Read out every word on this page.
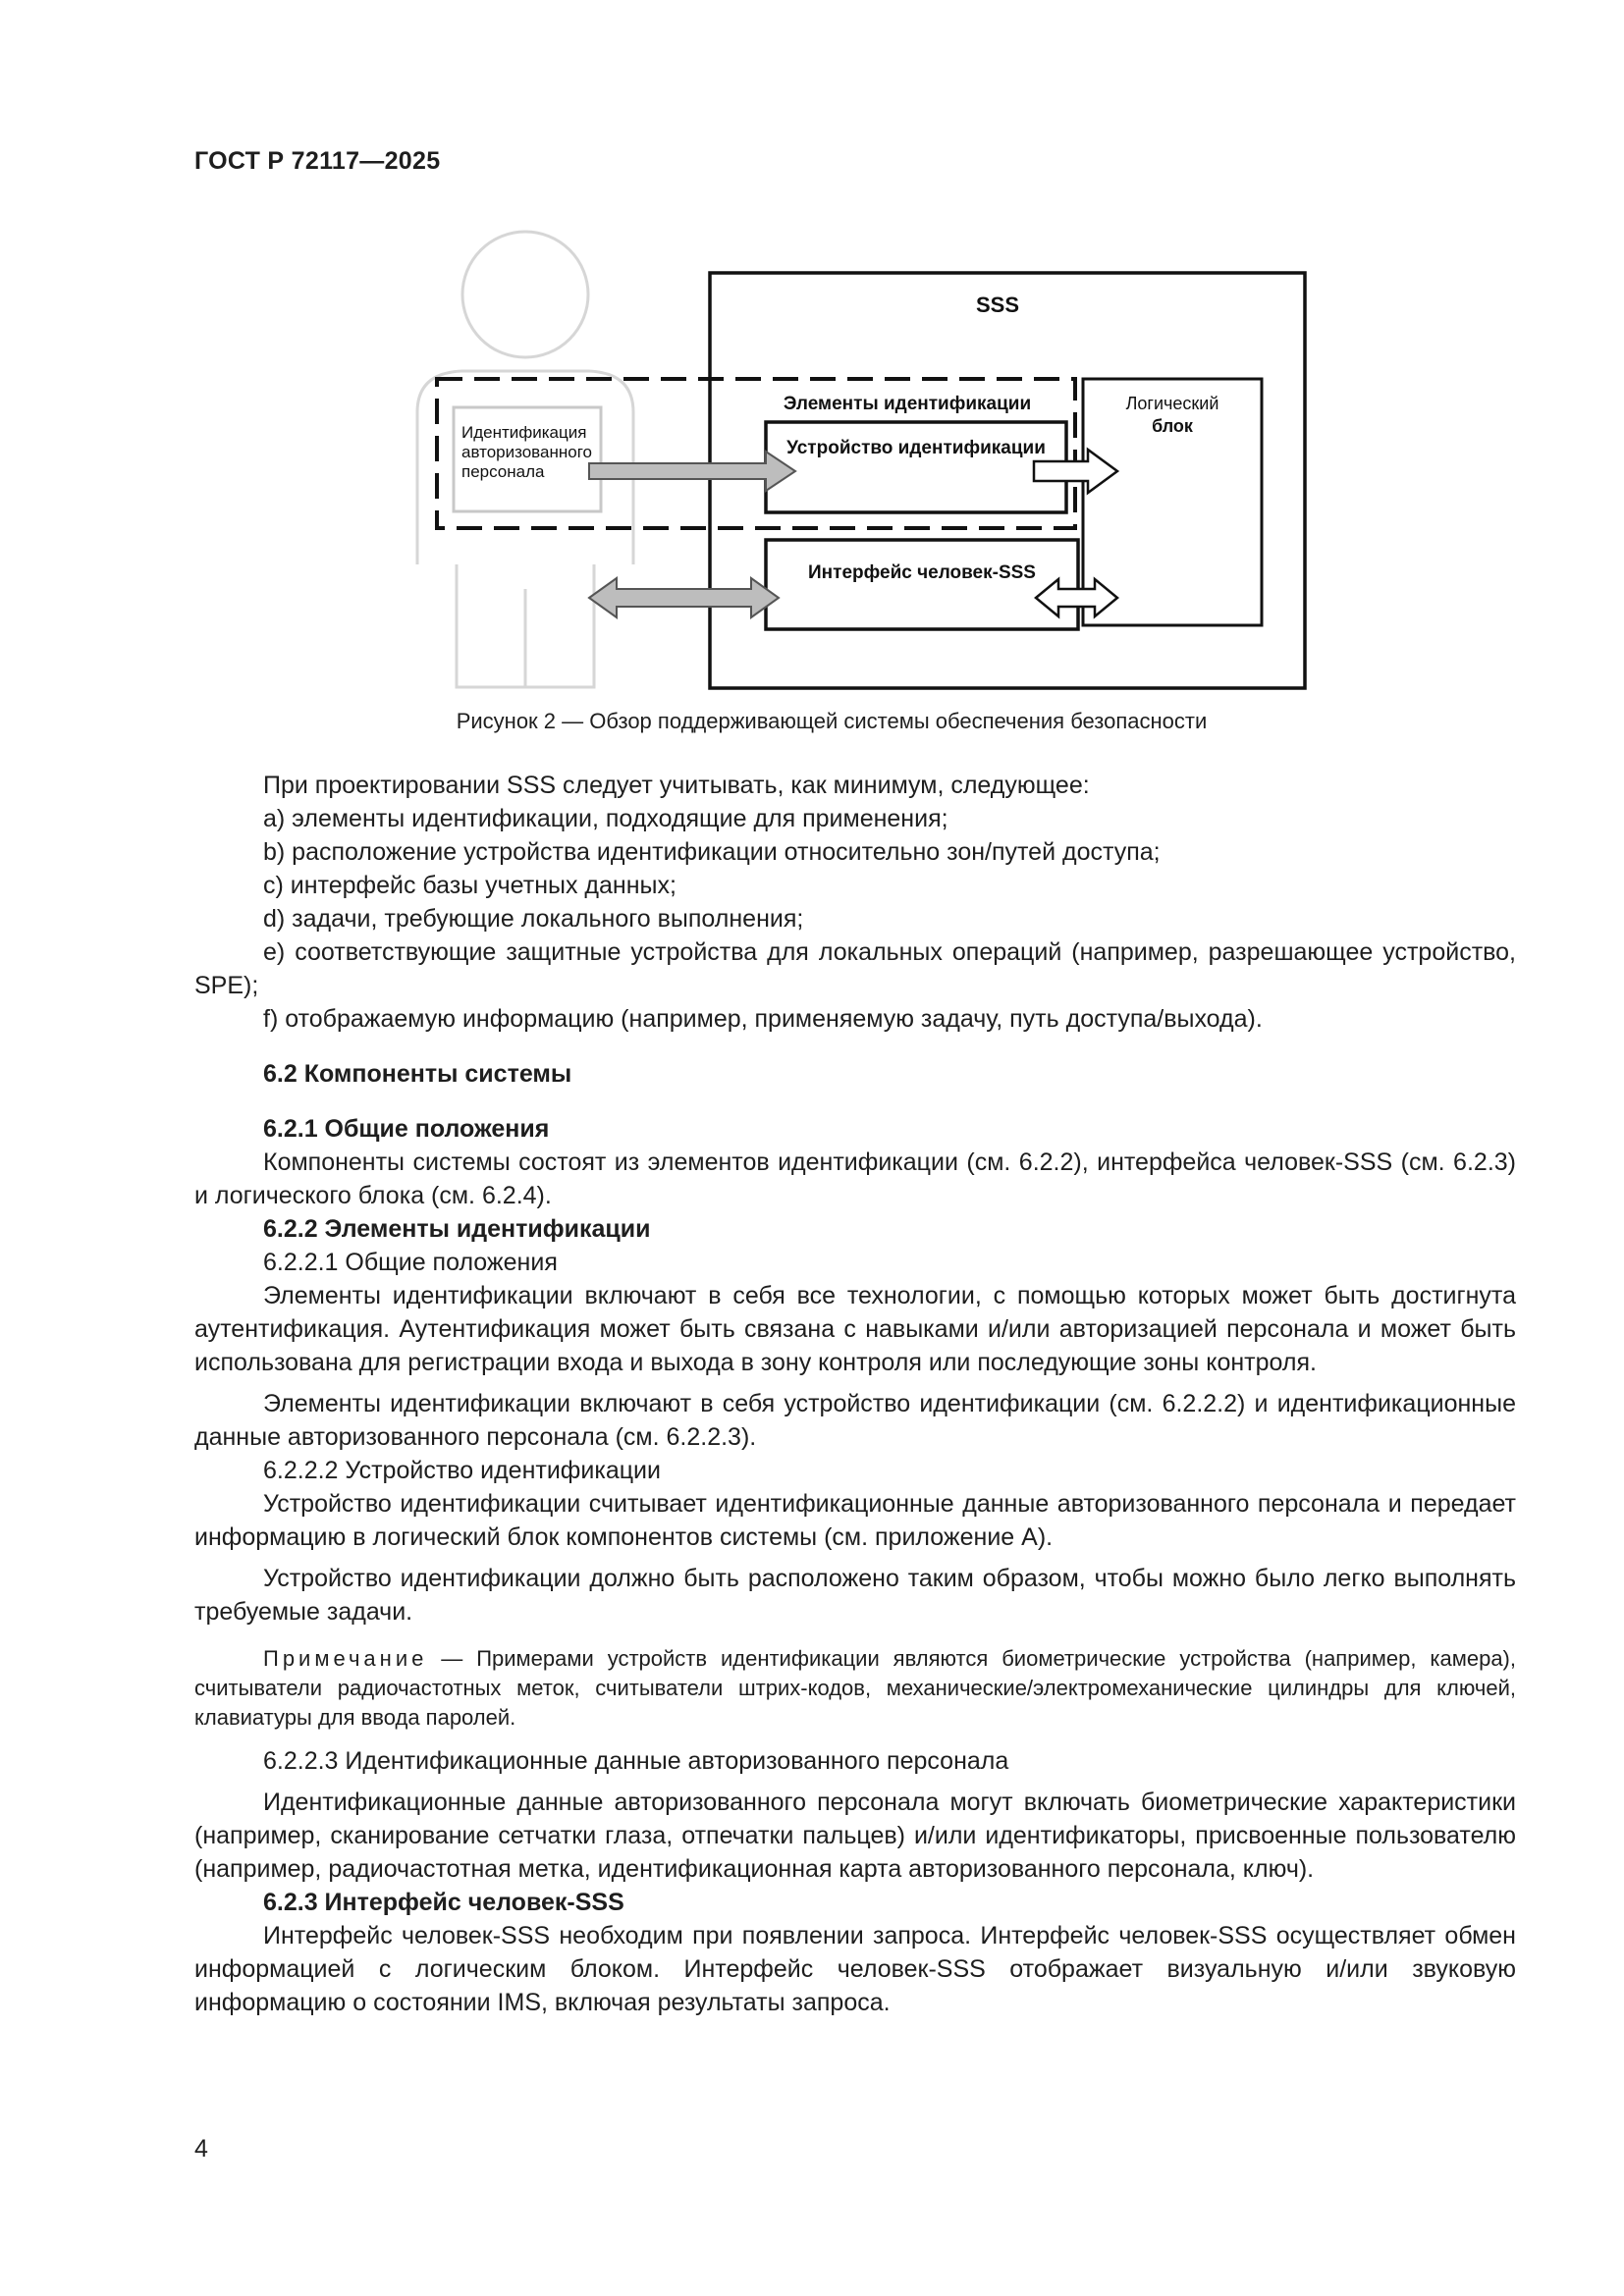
ГОСТ Р 72117—2025
SSS
Элементы идентификации	Логический
блок
Идентификация
авторизованного
персонала
Устройство идентификации
Интерфейс человек-SSS
Рисунок 2 — Обзор поддерживающей системы обеспечения безопасности

При проектировании SSS следует учитывать, как минимум, следующее:

a) элементы идентификации, подходящие для применения;

b) расположение устройства идентификации относительно зон/путей доступа;

c) интерфейс базы учетных данных;

d) задачи, требующие локального выполнения;

e) соответствующие защитные устройства для локальных операций (например, разрешающее устройство, SPE);

f) отображаемую информацию (например, применяемую задачу, путь доступа/выхода).

6.2 Компоненты системы

6.2.1 Общие положения

Компоненты системы состоят из элементов идентификации (см. 6.2.2), интерфейса человек-SSS (см. 6.2.3) и логического блока (см. 6.2.4).

6.2.2 Элементы идентификации

6.2.2.1 Общие положения

Элементы идентификации включают в себя все технологии, с помощью которых может быть достигнута аутентификация. Аутентификация может быть связана с навыками и/или авторизацией персонала и может быть использована для регистрации входа и выхода в зону контроля или последующие зоны контроля.

Элементы идентификации включают в себя устройство идентификации (см. 6.2.2.2) и идентификационные данные авторизованного персонала (см. 6.2.2.3).

6.2.2.2 Устройство идентификации

Устройство идентификации считывает идентификационные данные авторизованного персонала и передает информацию в логический блок компонентов системы (см. приложение А).

Устройство идентификации должно быть расположено таким образом, чтобы можно было легко выполнять требуемые задачи.

Примечание — Примерами устройств идентификации являются биометрические устройства (например, камера), считыватели радиочастотных меток, считыватели штрих-кодов, механические/электромеханические цилиндры для ключей, клавиатуры для ввода паролей.

6.2.2.3 Идентификационные данные авторизованного персонала

Идентификационные данные авторизованного персонала могут включать биометрические характеристики (например, сканирование сетчатки глаза, отпечатки пальцев) и/или идентификаторы, присвоенные пользователю (например, радиочастотная метка, идентификационная карта авторизованного персонала, ключ).

6.2.3 Интерфейс человек-SSS

Интерфейс человек-SSS необходим при появлении запроса. Интерфейс человек-SSS осуществляет обмен информацией с логическим блоком. Интерфейс человек-SSS отображает визуальную и/или звуковую информацию о состоянии IMS, включая результаты запроса.

4
